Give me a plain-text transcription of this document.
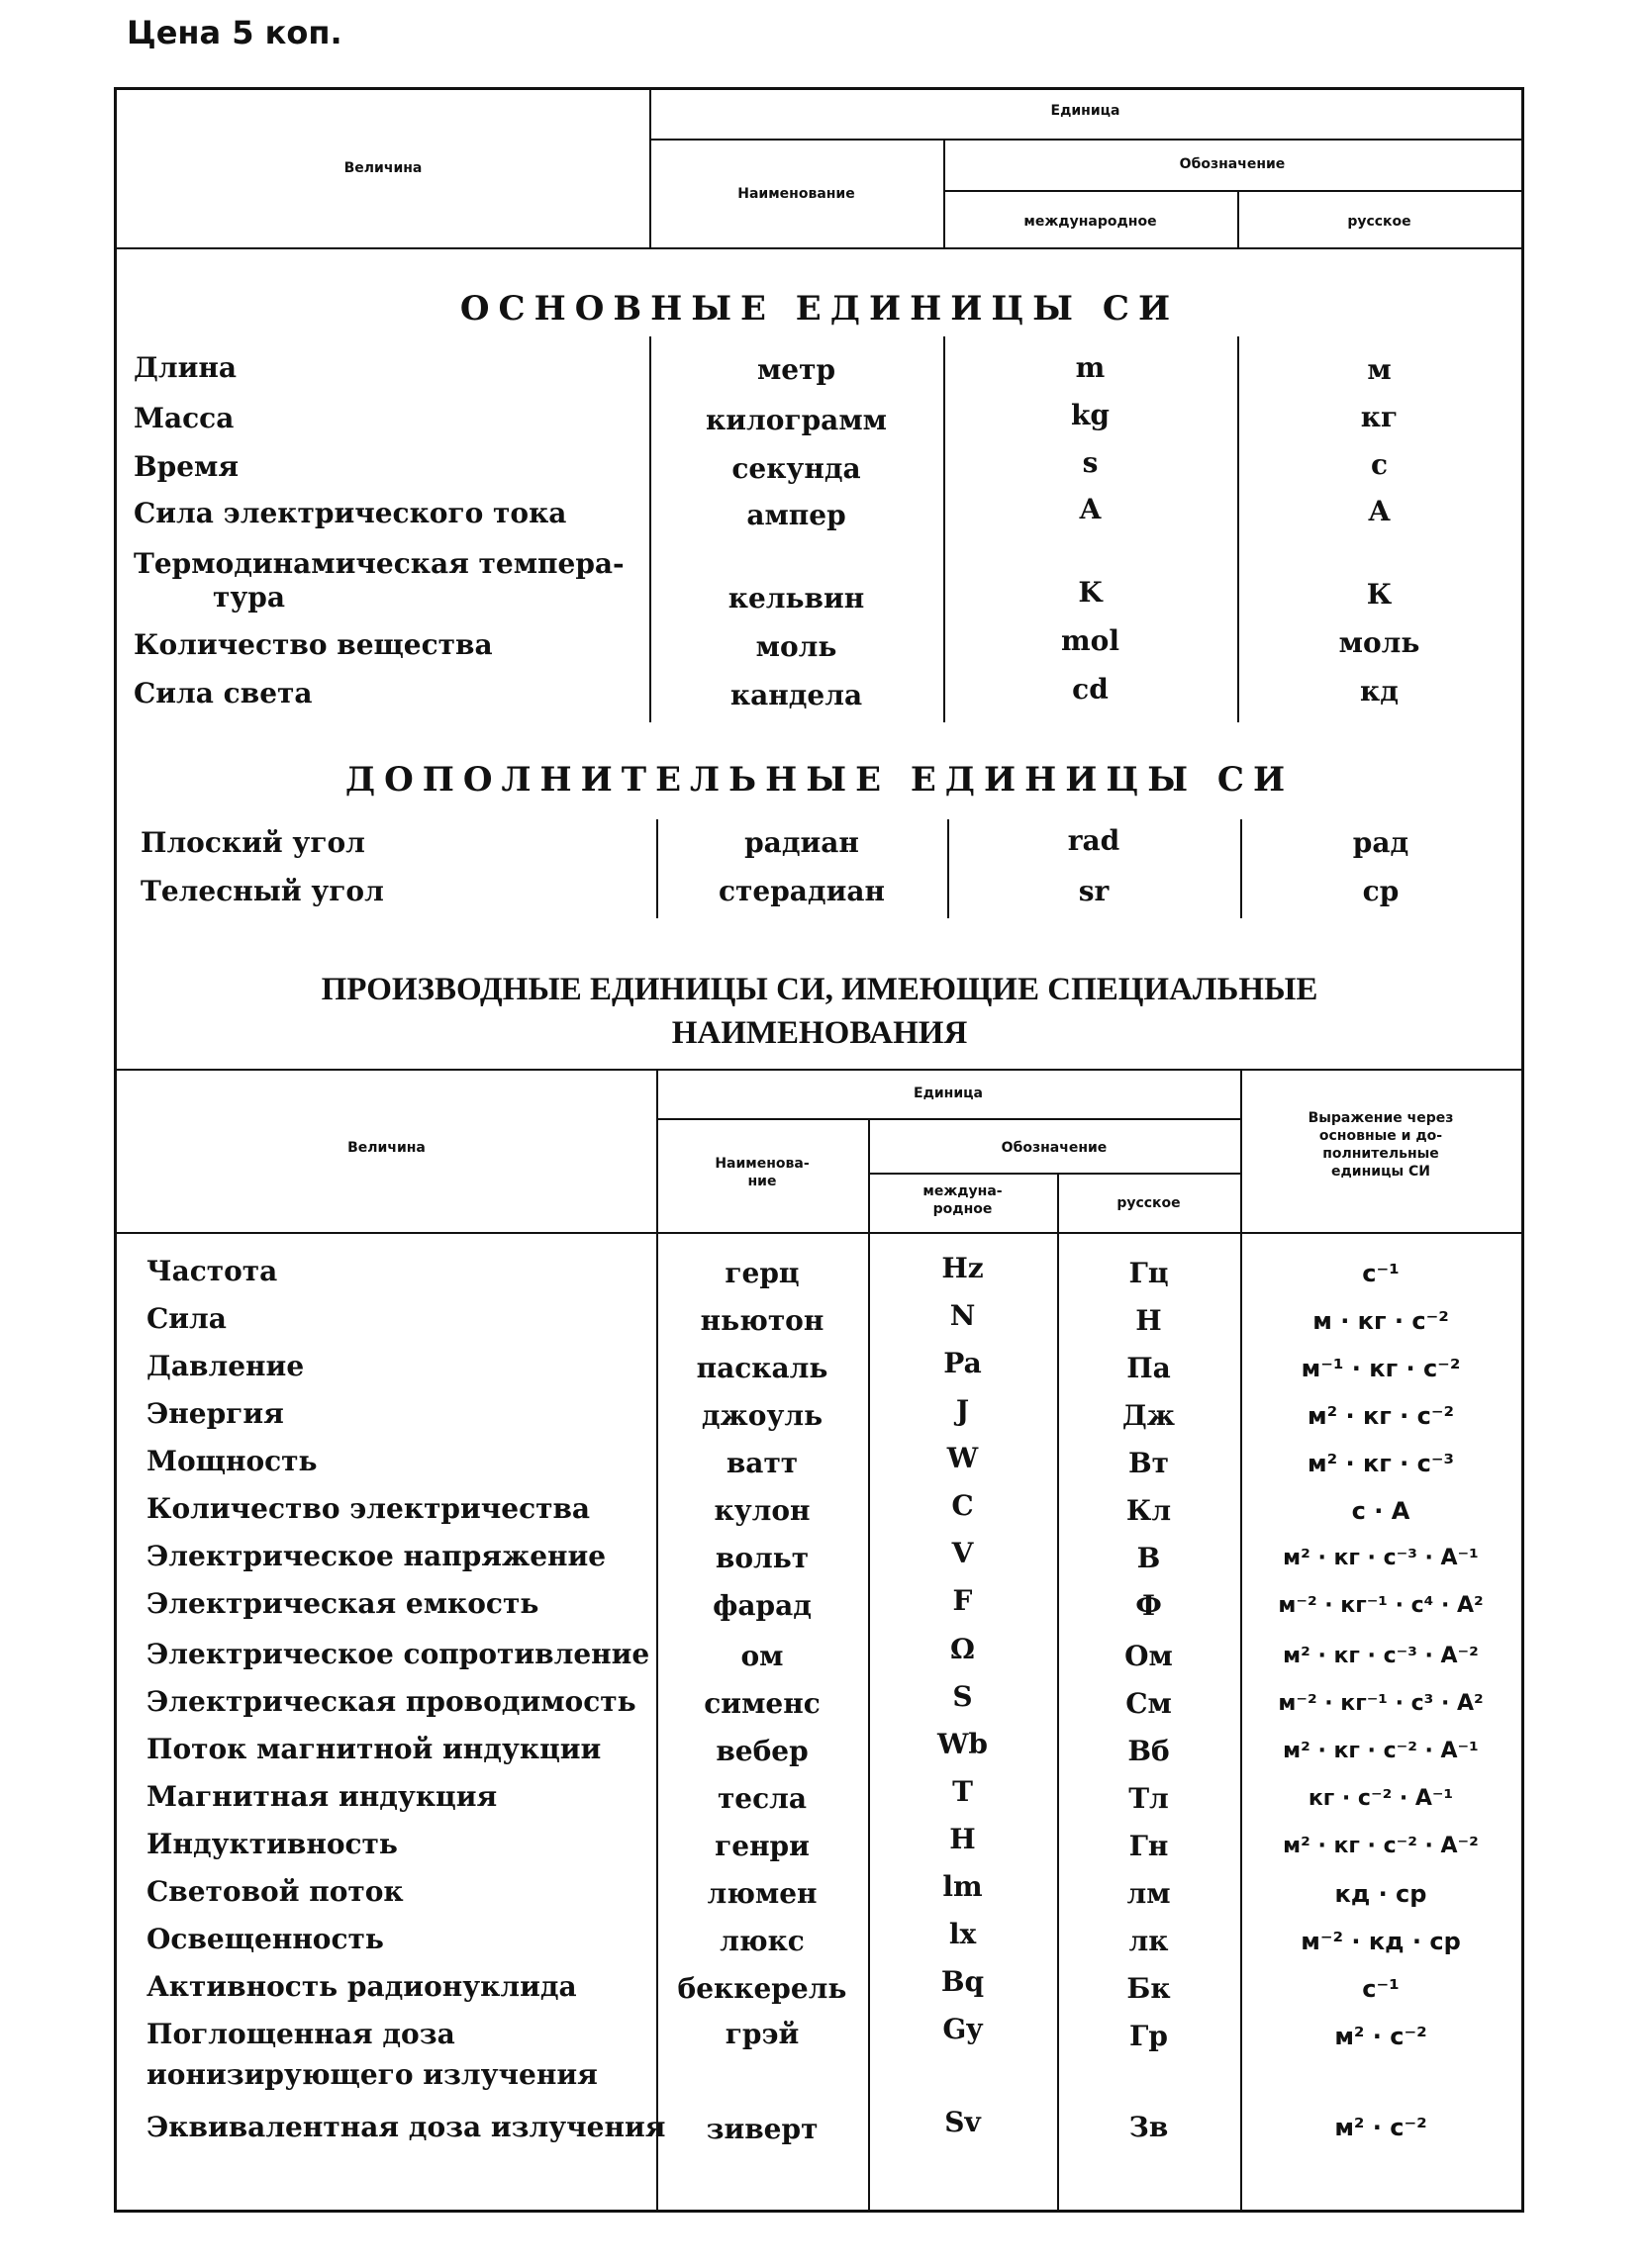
Цена 5 коп.
Величина
Единица
Наименование
Обозначение
международное	русское
ОСНОВНЫЕ ЕДИНИЦЫ СИ
ДОПОЛНИТЕЛЬНЫЕ ЕДИНИЦЫ СИ
ПРОИЗВОДНЫЕ ЕДИНИЦЫ СИ, ИМЕЮЩИЕ СПЕЦИАЛЬНЫЕ
НАИМЕНОВАНИЯ
Длина	метр	m	м
Масса	килограмм	kg	кг
Время	секунда	s	с
Сила электрического тока	ампер	A	А
Термодинамическая темпера-
тура	кельвин	K	К
Количество вещества	моль	mol	моль
Сила света	кандела	cd	кд
Плоский угол	радиан	rad	рад
Телесный угол	стерадиан	sr	ср
Величина
Единица
Наименова-
ние
Обозначение
междуна-
родное	русское
Выражение через
основные и до-
полнительные
единицы СИ
Частота	герц	Hz	Гц	с⁻¹
Сила	ньютон	N	Н	м · кг · с⁻²
Давление	паскаль	Pa	Па	м⁻¹ · кг · с⁻²
Энергия	джоуль	J	Дж	м² · кг · с⁻²
Мощность	ватт	W	Вт	м² · кг · с⁻³
Количество электричества	кулон	C	Кл	с · А
Электрическое напряжение	вольт	V	В	м² · кг · с⁻³ · А⁻¹
Электрическая емкость	фарад	F	Ф	м⁻² · кг⁻¹ · с⁴ · А²
Электрическое сопротивление	ом	Ω	Ом	м² · кг · с⁻³ · А⁻²
Электрическая проводимость	сименс	S	См	м⁻² · кг⁻¹ · с³ · А²
Поток магнитной индукции	вебер	Wb	Вб	м² · кг · с⁻² · А⁻¹
Магнитная индукция	тесла	T	Тл	кг · с⁻² · А⁻¹
Индуктивность	генри	H	Гн	м² · кг · с⁻² · А⁻²
Световой поток	люмен	lm	лм	кд · ср
Освещенность	люкс	lx	лк	м⁻² · кд · ср
Активность радионуклида	беккерель	Bq	Бк	с⁻¹
Поглощенная доза
ионизирующего излучения
грэй	Gy	Гр	м² · с⁻²
Эквивалентная доза излучения	зиверт	Sv	Зв	м² · с⁻²
